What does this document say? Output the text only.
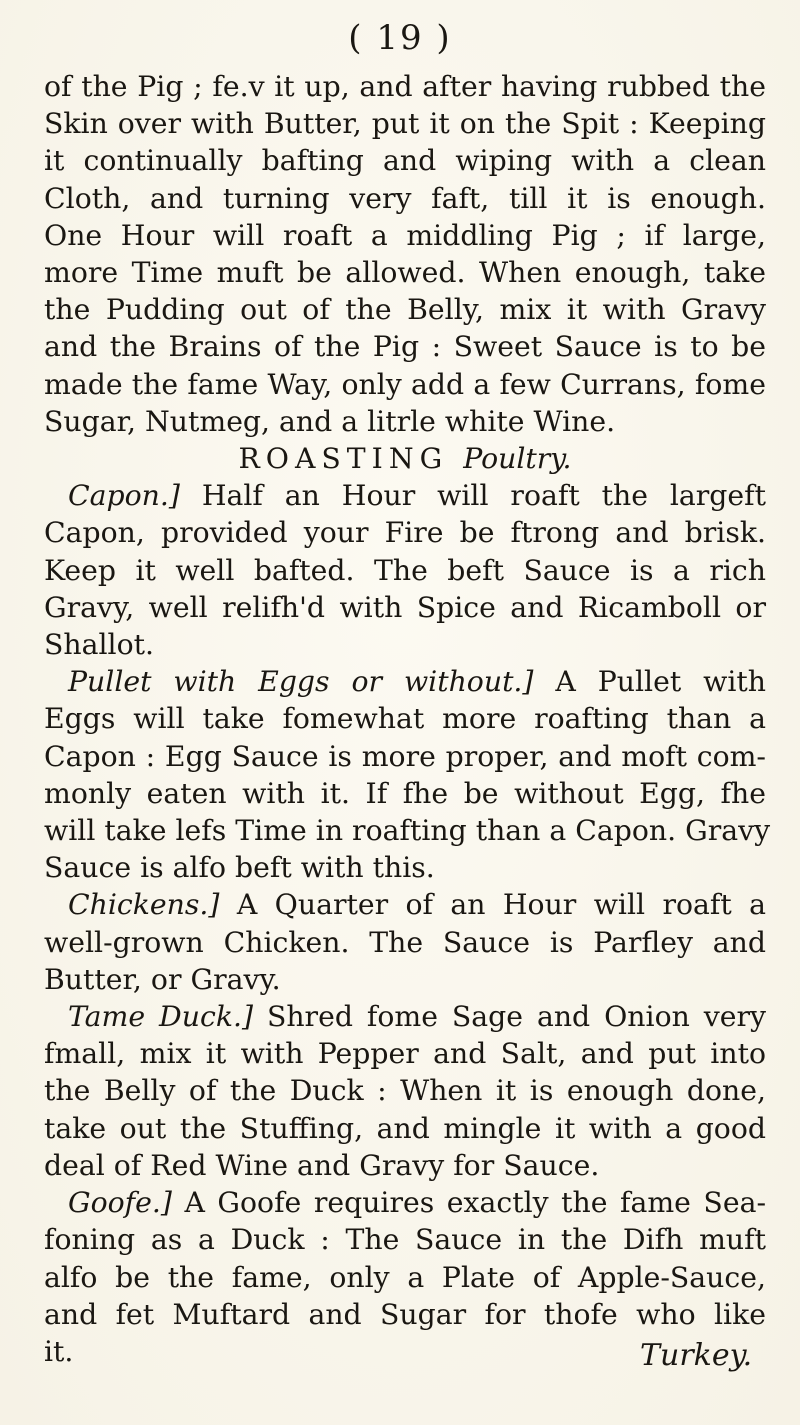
( 19 )
of the Pig ; fe.v it up, and after having rubbed the
Skin over with Butter, put it on the Spit : Keeping
it continually bafting and wiping with a clean
Cloth, and turning very faft, till it is enough.
One Hour will roaft a middling Pig ; if large,
more Time muft be allowed. When enough, take
the Pudding out of the Belly, mix it with Gravy
and the Brains of the Pig : Sweet Sauce is to be
made the fame Way, only add a few Currans, fome
Sugar, Nutmeg, and a litrle white Wine.
ROASTING Poultry.
Capon.] Half an Hour will roaft the largeft
Capon, provided your Fire be ftrong and brisk.
Keep it well bafted. The beft Sauce is a rich
Gravy, well relifh'd with Spice and Ricamboll or
Shallot.
Pullet with Eggs or without.] A Pullet with
Eggs will take fomewhat more roafting than a
Capon : Egg Sauce is more proper, and moft com-
monly eaten with it. If fhe be without Egg, fhe
will take lefs Time in roafting than a Capon. Gravy
Sauce is alfo beft with this.
Chickens.] A Quarter of an Hour will roaft a
well-grown Chicken. The Sauce is Parfley and
Butter, or Gravy.
Tame Duck.] Shred fome Sage and Onion very
fmall, mix it with Pepper and Salt, and put into
the Belly of the Duck : When it is enough done,
take out the Stuffing, and mingle it with a good
deal of Red Wine and Gravy for Sauce.
Goofe.] A Goofe requires exactly the fame Sea-
foning as a Duck : The Sauce in the Difh muft
alfo be the fame, only a Plate of Apple-Sauce,
and fet Muftard and Sugar for thofe who like
it.	Turkey.
